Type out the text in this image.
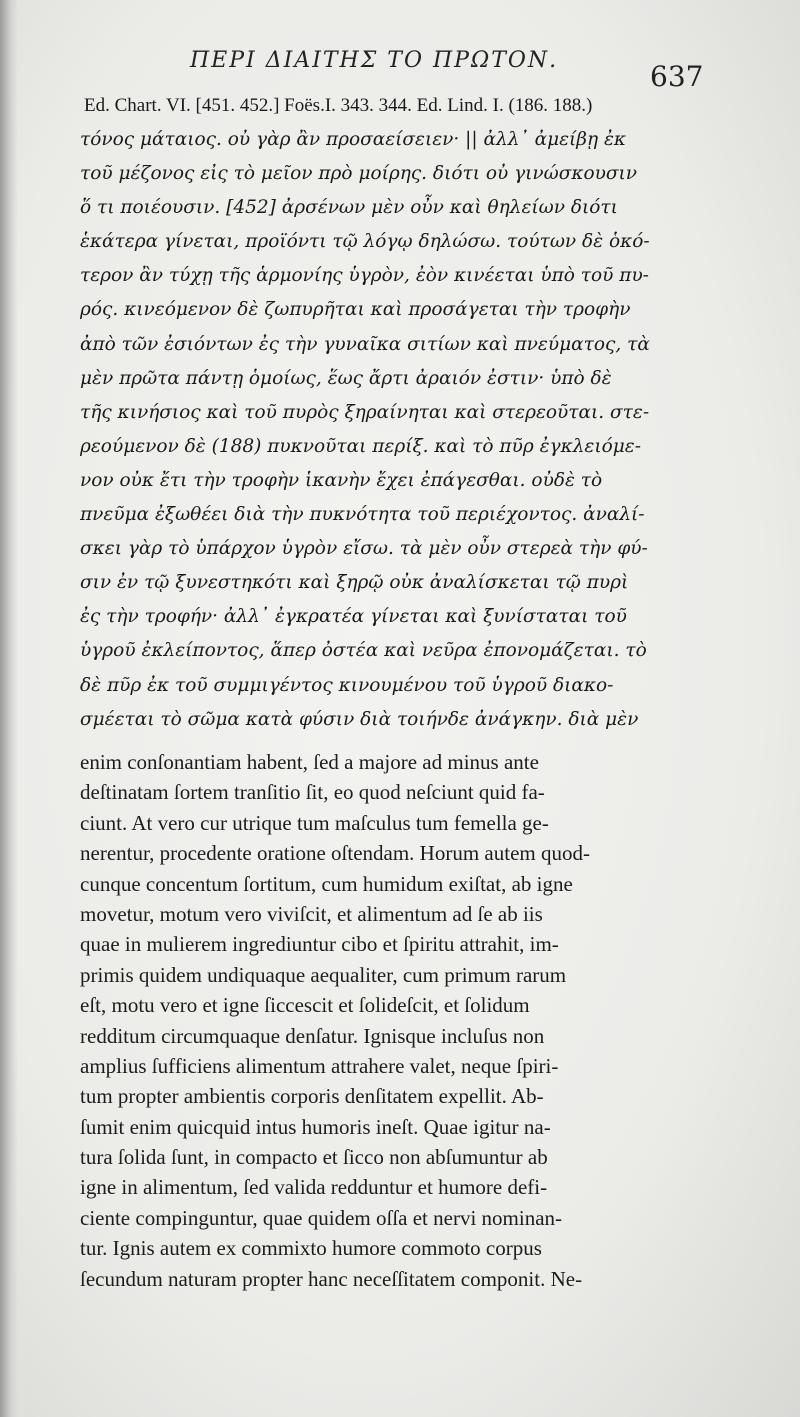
ΠΕΡΙ ΔΙΑΙΤΗΣ ΤΟ ΠΡΩΤΟΝ.	637
Ed. Chart. VI. [451. 452.] Foës.I. 343. 344. Ed. Lind. I. (186. 188.)
τόνος μάταιος. οὐ γὰρ ἂν προσαείσειεν· || ἀλλ᾽ ἀμείβῃ ἐκ
τοῦ μέζονος εἰς τὸ μεῖον πρὸ μοίρης. διότι οὐ γινώσκουσιν
ὅ τι ποιέουσιν. [452] ἀρσένων μὲν οὖν καὶ θηλείων διότι
ἑκάτερα γίνεται, προϊόντι τῷ λόγῳ δηλώσω. τούτων δὲ ὁκό-
τερον ἂν τύχῃ τῆς ἁρμονίης ὑγρὸν, ἐὸν κινέεται ὑπὸ τοῦ πυ-
ρός. κινεόμενον δὲ ζωπυρῆται καὶ προσάγεται τὴν τροφὴν
ἀπὸ τῶν ἐσιόντων ἐς τὴν γυναῖκα σιτίων καὶ πνεύματος, τὰ
μὲν πρῶτα πάντῃ ὁμοίως, ἕως ἄρτι ἀραιόν ἐστιν· ὑπὸ δὲ
τῆς κινήσιος καὶ τοῦ πυρὸς ξηραίνηται καὶ στερεοῦται. στε-
ρεούμενον δὲ (188) πυκνοῦται περίξ. καὶ τὸ πῦρ ἐγκλειόμε-
νον οὐκ ἔτι τὴν τροφὴν ἱκανὴν ἔχει ἐπάγεσθαι. οὐδὲ τὸ
πνεῦμα ἐξωθέει διὰ τὴν πυκνότητα τοῦ περιέχοντος. ἀναλί-
σκει γὰρ τὸ ὑπάρχον ὑγρὸν εἴσω. τὰ μὲν οὖν στερεὰ τὴν φύ-
σιν ἐν τῷ ξυνεστηκότι καὶ ξηρῷ οὐκ ἀναλίσκεται τῷ πυρὶ
ἐς τὴν τροφήν· ἀλλ᾽ ἐγκρατέα γίνεται καὶ ξυνίσταται τοῦ
ὑγροῦ ἐκλείποντος, ἅπερ ὀστέα καὶ νεῦρα ἐπονομάζεται. τὸ
δὲ πῦρ ἐκ τοῦ συμμιγέντος κινουμένου τοῦ ὑγροῦ διακο-
σμέεται τὸ σῶμα κατὰ φύσιν διὰ τοιήνδε ἀνάγκην. διὰ μὲν
enim conſonantiam habent, ſed a majore ad minus ante
deſtinatam ſortem tranſitio ſit, eo quod neſciunt quid fa-
ciunt. At vero cur utrique tum maſculus tum femella ge-
nerentur, procedente oratione oſtendam. Horum autem quod-
cunque concentum ſortitum, cum humidum exiſtat, ab igne
movetur, motum vero viviſcit, et alimentum ad ſe ab iis
quae in mulierem ingrediuntur cibo et ſpiritu attrahit, im-
primis quidem undiquaque aequaliter, cum primum rarum
eſt, motu vero et igne ſiccescit et ſolideſcit, et ſolidum
redditum circumquaque denſatur. Ignisque incluſus non
amplius ſufficiens alimentum attrahere valet, neque ſpiri-
tum propter ambientis corporis denſitatem expellit. Ab-
ſumit enim quicquid intus humoris ineſt. Quae igitur na-
tura ſolida ſunt, in compacto et ſicco non abſumuntur ab
igne in alimentum, ſed valida redduntur et humore defi-
ciente compinguntur, quae quidem oſſa et nervi nominan-
tur. Ignis autem ex commixto humore commoto corpus
ſecundum naturam propter hanc neceſſitatem componit. Ne-
